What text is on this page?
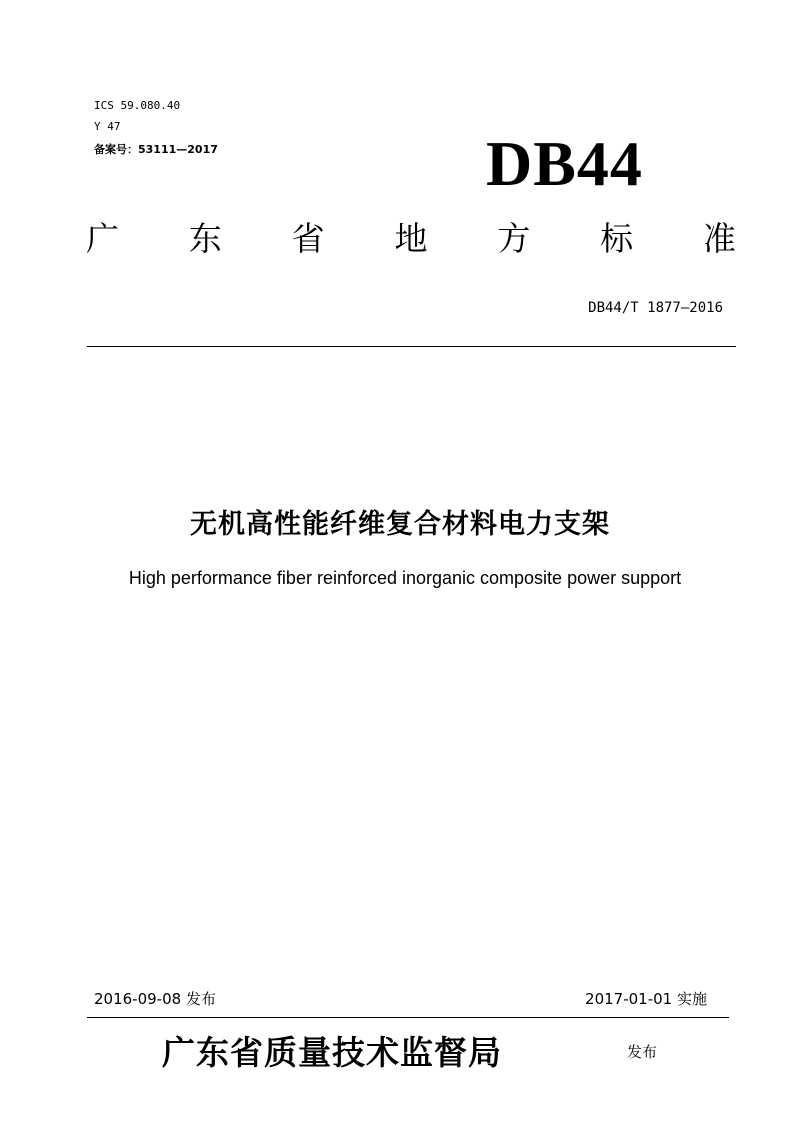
ICS 59.080.40
Y 47
备案号：53111—2017	DB44
广 东 省 地 方 标 准
DB44/T 1877—2016
无机高性能纤维复合材料电力支架
High performance fiber reinforced inorganic composite power support
2016-09-08 发布	2017-01-01 实施
广东省质量技术监督局	发布
